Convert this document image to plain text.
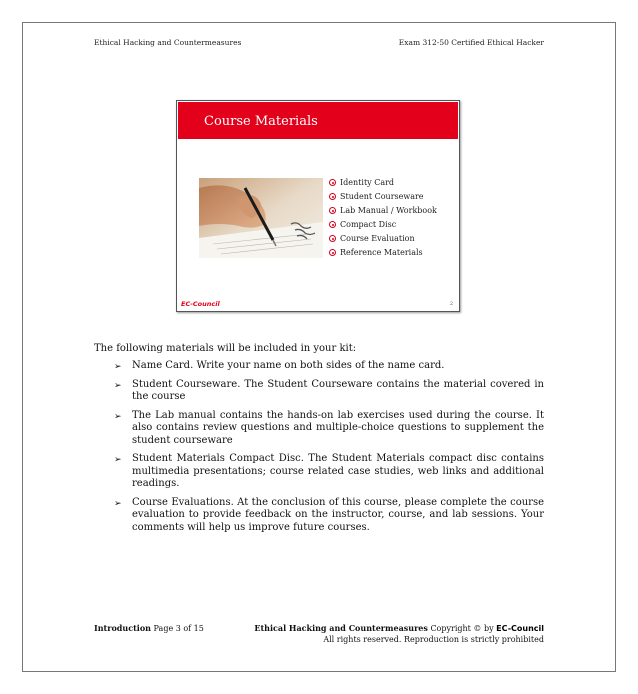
Ethical Hacking and Countermeasures	Exam 312-50 Certified Ethical Hacker
Course Materials
Identity Card
Student Courseware
Lab Manual / Workbook
Compact Disc
Course Evaluation
Reference Materials
EC-Council	2
The following materials will be included in your kit:
➢ Name Card. Write your name on both sides of the name card.
➢ Student Courseware. The Student Courseware contains the material covered in the course
➢ The Lab manual contains the hands-on lab exercises used during the course. It also contains review questions and multiple-choice questions to supplement the student courseware
➢ Student Materials Compact Disc. The Student Materials compact disc contains multimedia presentations; course related case studies, web links and additional readings.
➢ Course Evaluations. At the conclusion of this course, please complete the course evaluation to provide feedback on the instructor, course, and lab sessions. Your comments will help us improve future courses.
Introduction Page 3 of 15	Ethical Hacking and Countermeasures Copyright © by EC-Council
All rights reserved. Reproduction is strictly prohibited
